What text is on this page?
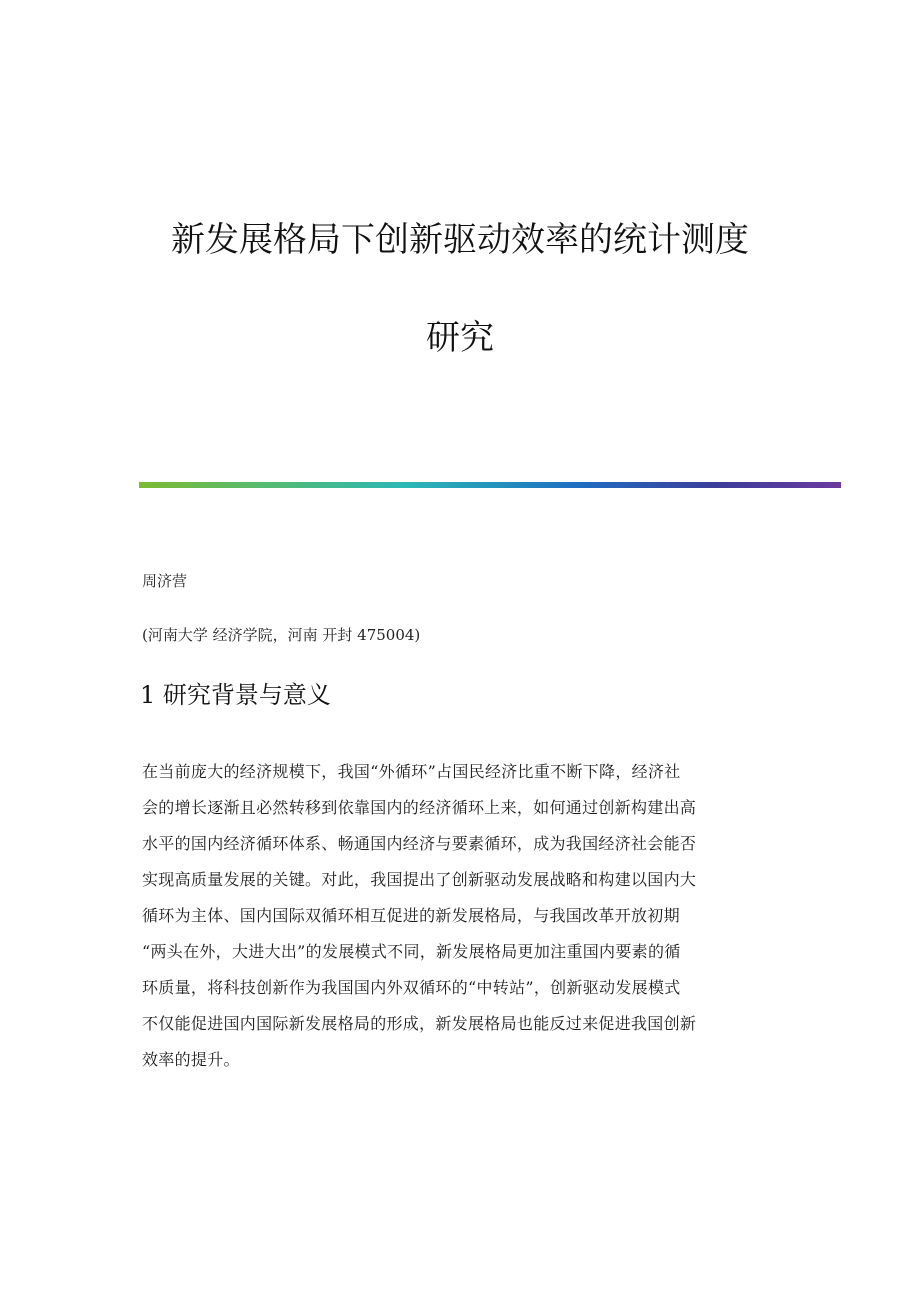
新发展格局下创新驱动效率的统计测度
研究

周济营

(河南大学 经济学院，河南 开封 475004)

1 研究背景与意义

在当前庞大的经济规模下，我国“外循环”占国民经济比重不断下降，经济社
会的增长逐渐且必然转移到依靠国内的经济循环上来，如何通过创新构建出高
水平的国内经济循环体系、畅通国内经济与要素循环，成为我国经济社会能否
实现高质量发展的关键。对此，我国提出了创新驱动发展战略和构建以国内大
循环为主体、国内国际双循环相互促进的新发展格局，与我国改革开放初期
“两头在外，大进大出”的发展模式不同，新发展格局更加注重国内要素的循
环质量，将科技创新作为我国国内外双循环的“中转站”，创新驱动发展模式
不仅能促进国内国际新发展格局的形成，新发展格局也能反过来促进我国创新
效率的提升。
